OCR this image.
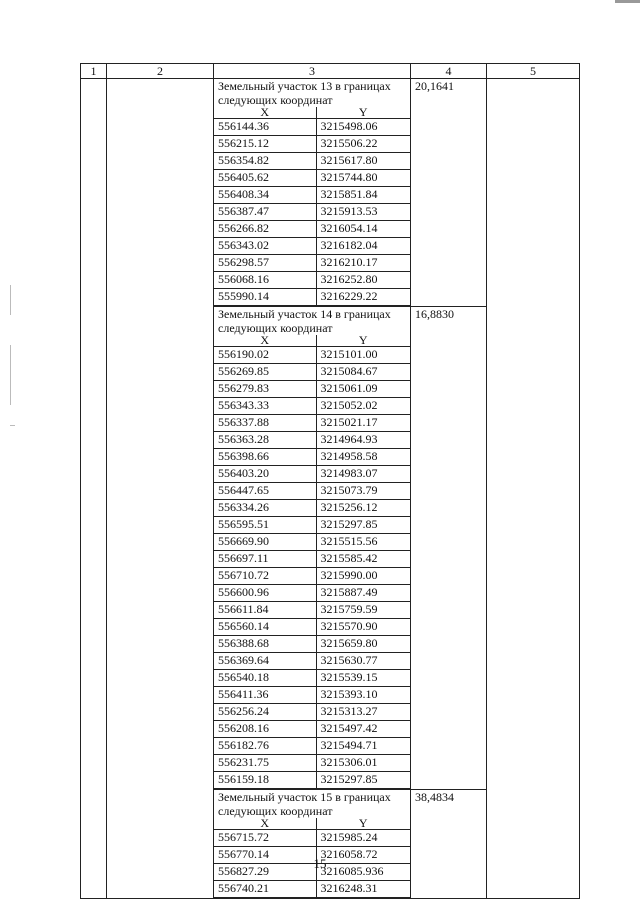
1	2	3	4	5

Земельный участок 13 в границах следующих координат
X	Y
556144.36	3215498.06
556215.12	3215506.22
556354.82	3215617.80
556405.62	3215744.80
556408.34	3215851.84
556387.47	3215913.53
556266.82	3216054.14
556343.02	3216182.04
556298.57	3216210.17
556068.16	3216252.80
555990.14	3216229.22
	20,1641	

Земельный участок 14 в границах следующих координат
X	Y
556190.02	3215101.00
556269.85	3215084.67
556279.83	3215061.09
556343.33	3215052.02
556337.88	3215021.17
556363.28	3214964.93
556398.66	3214958.58
556403.20	3214983.07
556447.65	3215073.79
556334.26	3215256.12
556595.51	3215297.85
556669.90	3215515.56
556697.11	3215585.42
556710.72	3215990.00
556600.96	3215887.49
556611.84	3215759.59
556560.14	3215570.90
556388.68	3215659.80
556369.64	3215630.77
556540.18	3215539.15
556411.36	3215393.10
556256.24	3215313.27
556208.16	3215497.42
556182.76	3215494.71
556231.75	3215306.01
556159.18	3215297.85
	16,8830

Земельный участок 15 в границах следующих координат
X	Y
556715.72	3215985.24
556770.14	3216058.72
556827.29	3216085.936
556740.21	3216248.31
	38,4834
15
